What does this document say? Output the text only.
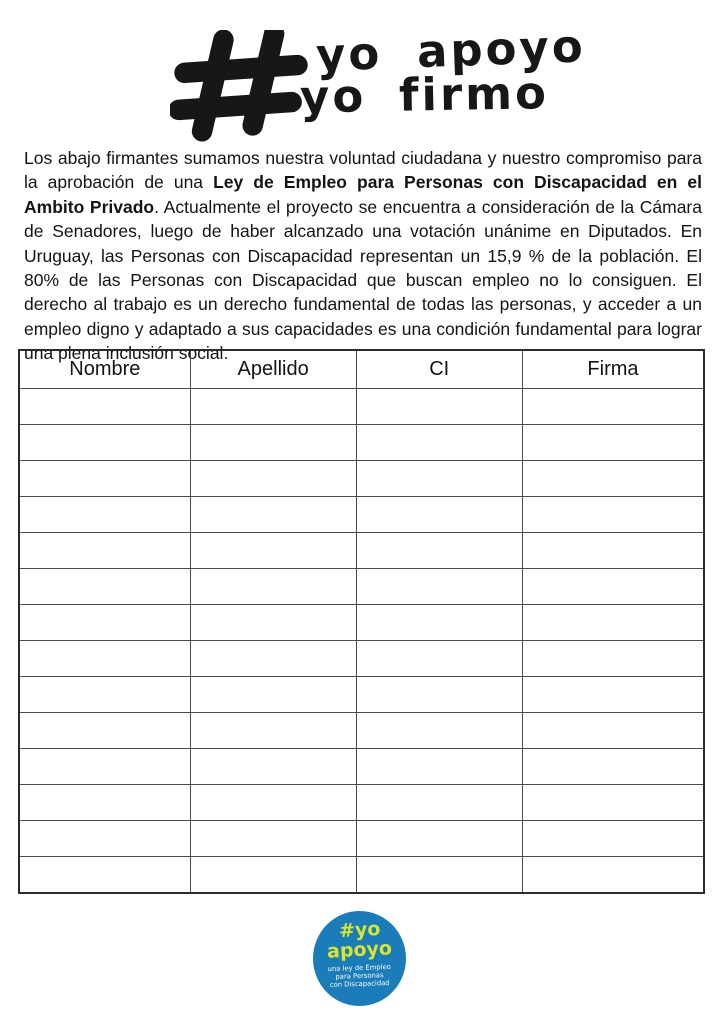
yo apoyo
yo firmo

Los abajo firmantes sumamos nuestra voluntad ciudadana y nuestro compromiso para la aprobación de una Ley de Empleo para Personas con Discapacidad en el Ambito Privado. Actualmente el proyecto se encuentra a consideración de la Cámara de Senadores, luego de haber alcanzado una votación unánime en Diputados. En Uruguay, las Personas con Discapacidad representan un 15,9 % de la población. El 80% de las Personas con Discapacidad que buscan empleo no lo consiguen. El derecho al trabajo es un derecho fundamental de todas las personas, y acceder a un empleo digno y adaptado a sus capacidades es una condición fundamental para lograr una plena inclusión social.

Nombre	Apellido	CI	Firma

#yo
apoyo
una ley de Empleo
para Personas
con Discapacidad
